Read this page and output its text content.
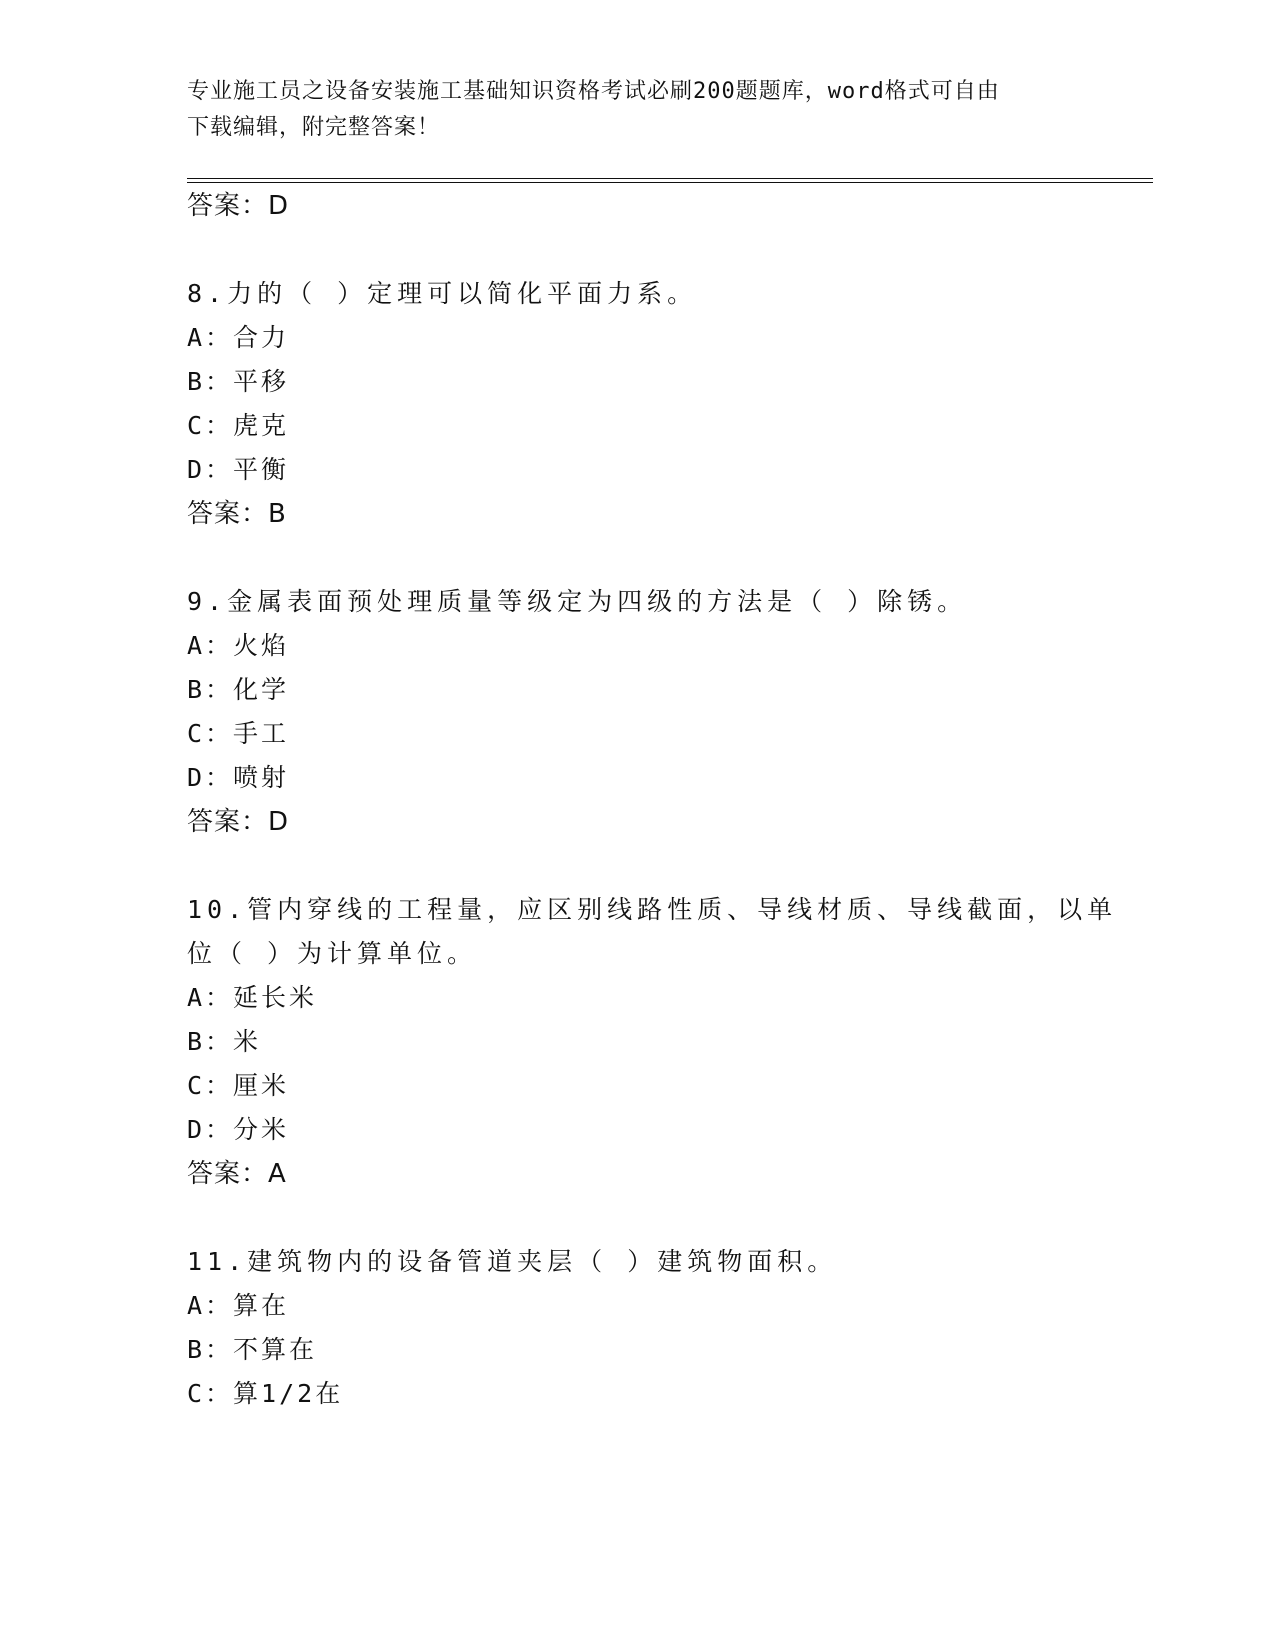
专业施工员之设备安装施工基础知识资格考试必刷200题题库，word格式可自由
下载编辑，附完整答案！
答案：D
8.力的（ ）定理可以简化平面力系。
A：合力
B：平移
C：虎克
D：平衡
答案：B
9.金属表面预处理质量等级定为四级的方法是（ ）除锈。
A：火焰
B：化学
C：手工
D：喷射
答案：D
10.管内穿线的工程量，应区别线路性质、导线材质、导线截面，以单
位（ ）为计算单位。
A：延长米
B：米
C：厘米
D：分米
答案：A
11.建筑物内的设备管道夹层（ ）建筑物面积。
A：算在
B：不算在
C：算1/2在
